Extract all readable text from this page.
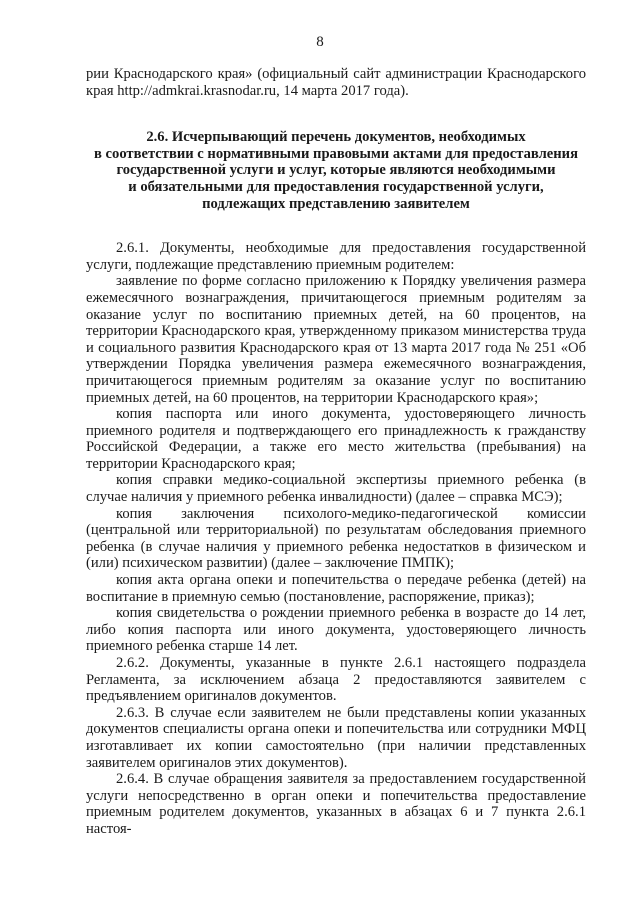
8

рии Краснодарского края» (официальный сайт администрации Краснодарского края http://admkrai.krasnodar.ru, 14 марта 2017 года).

2.6. Исчерпывающий перечень документов, необходимых
в соответствии с нормативными правовыми актами для предоставления
государственной услуги и услуг, которые являются необходимыми
и обязательными для предоставления государственной услуги,
подлежащих представлению заявителем

2.6.1. Документы, необходимые для предоставления государственной услуги, подлежащие представлению приемным родителем:

заявление по форме согласно приложению к Порядку увеличения размера ежемесячного вознаграждения, причитающегося приемным родителям за оказание услуг по воспитанию приемных детей, на 60 процентов, на территории Краснодарского края, утвержденному приказом министерства труда и социального развития Краснодарского края от 13 марта 2017 года № 251 «Об утверждении Порядка увеличения размера ежемесячного вознаграждения, причитающегося приемным родителям за оказание услуг по воспитанию приемных детей, на 60 процентов, на территории Краснодарского края»;

копия паспорта или иного документа, удостоверяющего личность приемного родителя и подтверждающего его принадлежность к гражданству Российской Федерации, а также его место жительства (пребывания) на территории Краснодарского края;

копия справки медико-социальной экспертизы приемного ребенка (в случае наличия у приемного ребенка инвалидности) (далее – справка МСЭ);

копия заключения психолого-медико-педагогической комиссии (центральной или территориальной) по результатам обследования приемного ребенка (в случае наличия у приемного ребенка недостатков в физическом и (или) психическом развитии) (далее – заключение ПМПК);

копия акта органа опеки и попечительства о передаче ребенка (детей) на воспитание в приемную семью (постановление, распоряжение, приказ);

копия свидетельства о рождении приемного ребенка в возрасте до 14 лет, либо копия паспорта или иного документа, удостоверяющего личность приемного ребенка старше 14 лет.

2.6.2. Документы, указанные в пункте 2.6.1 настоящего подраздела Регламента, за исключением абзаца 2 предоставляются заявителем с предъявлением оригиналов документов.

2.6.3. В случае если заявителем не были представлены копии указанных документов специалисты органа опеки и попечительства или сотрудники МФЦ изготавливает их копии самостоятельно (при наличии представленных заявителем оригиналов этих документов).

2.6.4. В случае обращения заявителя за предоставлением государственной услуги непосредственно в орган опеки и попечительства предоставление приемным родителем документов, указанных в абзацах 6 и 7 пункта 2.6.1 настоя-
